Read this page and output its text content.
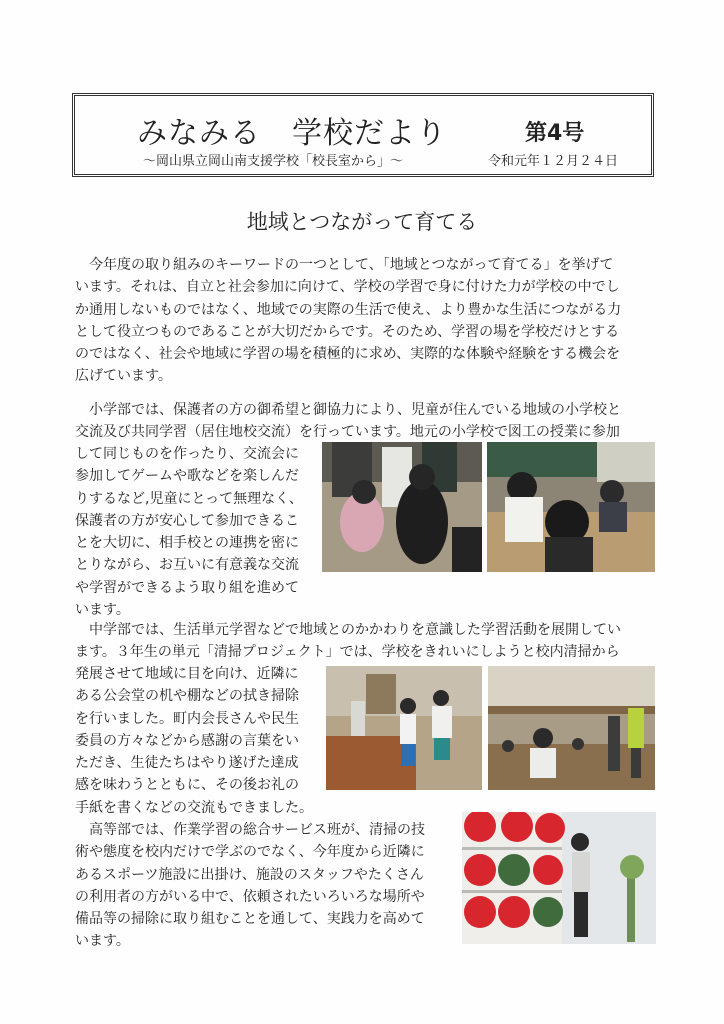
みなみる　学校だより	第4号
～岡山県立岡山南支援学校「校長室から」～	令和元年１２月２４日
地域とつながって育てる
　今年度の取り組みのキーワードの一つとして、「地域とつながって育てる」を挙げて
います。それは、自立と社会参加に向けて、学校の学習で身に付けた力が学校の中でし
か通用しないものではなく、地域での実際の生活で使え、より豊かな生活につながる力
として役立つものであることが大切だからです。そのため、学習の場を学校だけとする
のではなく、社会や地域に学習の場を積極的に求め、実際的な体験や経験をする機会を
広げています。
　小学部では、保護者の方の御希望と御協力により、児童が住んでいる地域の小学校と
交流及び共同学習（居住地校交流）を行っています。地元の小学校で図工の授業に参加
して同じものを作ったり、交流会に
参加してゲームや歌などを楽しんだ
りするなど,児童にとって無理なく、
保護者の方が安心して参加できるこ
とを大切に、相手校との連携を密に
とりながら、お互いに有意義な交流
や学習ができるよう取り組を進めて
います。
　中学部では、生活単元学習などで地域とのかかわりを意識した学習活動を展開してい
ます。３年生の単元「清掃プロジェクト」では、学校をきれいにしようと校内清掃から
発展させて地域に目を向け、近隣に
ある公会堂の机や棚などの拭き掃除
を行いました。町内会長さんや民生
委員の方々などから感謝の言葉をい
ただき、生徒たちはやり遂げた達成
感を味わうとともに、その後お礼の
手紙を書くなどの交流もできました。
　高等部では、作業学習の総合サービス班が、清掃の技
術や態度を校内だけで学ぶのでなく、今年度から近隣に
あるスポーツ施設に出掛け、施設のスタッフやたくさん
の利用者の方がいる中で、依頼されたいろいろな場所や
備品等の掃除に取り組むことを通して、実践力を高めて
います。
